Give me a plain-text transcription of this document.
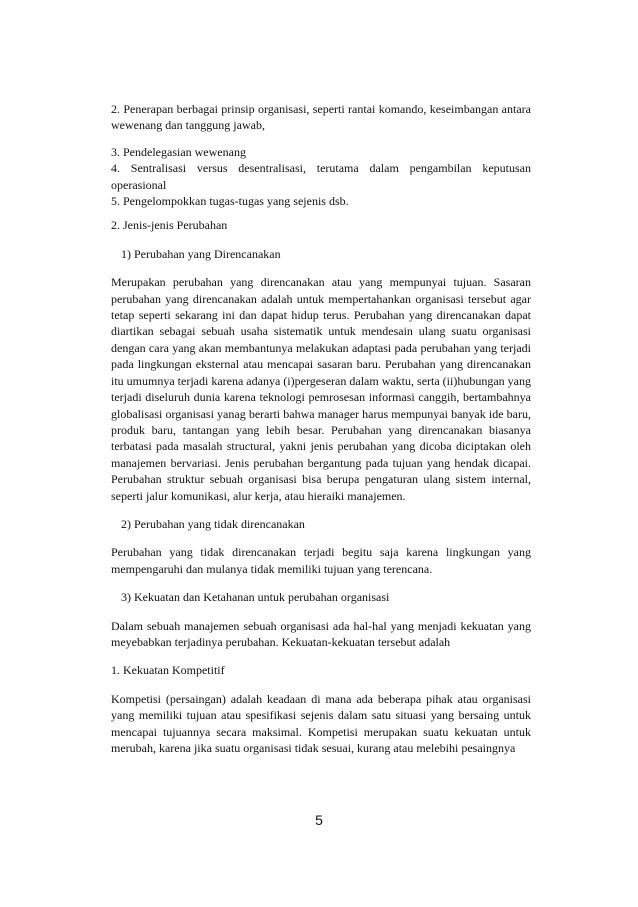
2. Penerapan berbagai prinsip organisasi, seperti rantai komando, keseimbangan antara wewenang dan tanggung jawab,

3. Pendelegasian wewenang

4. Sentralisasi versus desentralisasi, terutama dalam pengambilan keputusan operasional

5. Pengelompokkan tugas-tugas yang sejenis dsb.

2. Jenis-jenis Perubahan

1) Perubahan yang Direncanakan

Merupakan perubahan yang direncanakan atau yang mempunyai tujuan. Sasaran perubahan yang direncanakan adalah untuk mempertahankan organisasi tersebut agar tetap seperti sekarang ini dan dapat hidup terus. Perubahan yang direncanakan dapat diartikan sebagai sebuah usaha sistematik untuk mendesain ulang suatu organisasi dengan cara yang akan membantunya melakukan adaptasi pada perubahan yang terjadi pada lingkungan eksternal atau mencapai sasaran baru. Perubahan yang direncanakan itu umumnya terjadi karena adanya (i)pergeseran dalam waktu, serta (ii)hubungan yang terjadi diseluruh dunia karena teknologi pemrosesan informasi canggih, bertambahnya globalisasi organisasi yanag berarti bahwa manager harus mempunyai banyak ide baru, produk baru, tantangan yang lebih besar. Perubahan yang direncanakan biasanya terbatasi pada masalah structural, yakni jenis perubahan yang dicoba diciptakan oleh manajemen bervariasi. Jenis perubahan bergantung pada tujuan yang hendak dicapai. Perubahan struktur sebuah organisasi bisa berupa pengaturan ulang sistem internal, seperti jalur komunikasi, alur kerja, atau hieraiki manajemen.

2) Perubahan yang tidak direncanakan

Perubahan yang tidak direncanakan terjadi begitu saja karena lingkungan yang mempengaruhi dan mulanya tidak memiliki tujuan yang terencana.

3) Kekuatan dan Ketahanan untuk perubahan organisasi

Dalam sebuah manajemen sebuah organisasi ada hal-hal yang menjadi kekuatan yang meyebabkan terjadinya perubahan. Kekuatan-kekuatan tersebut adalah

1. Kekuatan Kompetitif

Kompetisi (persaingan) adalah keadaan di mana ada beberapa pihak atau organisasi yang memiliki tujuan atau spesifikasi sejenis dalam satu situasi yang bersaing untuk mencapai tujuannya secara maksimal. Kompetisi merupakan suatu kekuatan untuk merubah, karena jika suatu organisasi tidak sesuai, kurang atau melebihi pesaingnya

5
